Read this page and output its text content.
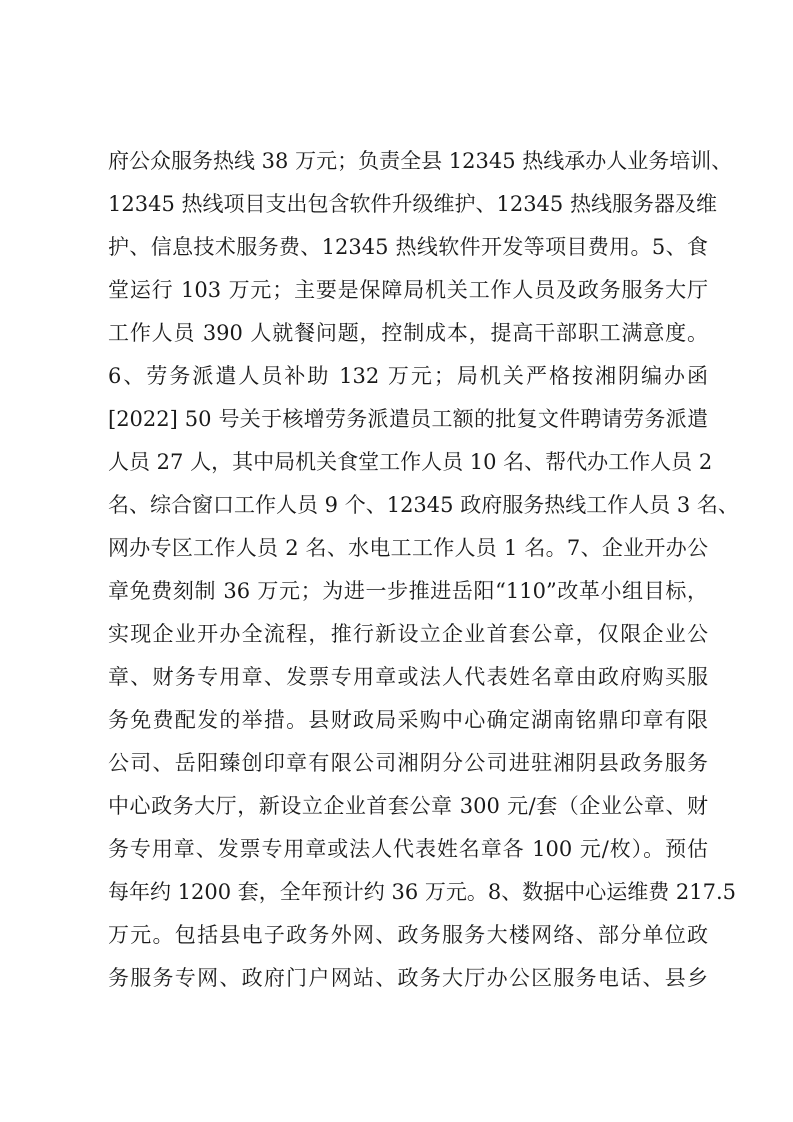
府公众服务热线 38 万元；负责全县 12345 热线承办人业务培训、
12345 热线项目支出包含软件升级维护、12345 热线服务器及维
护、信息技术服务费、12345 热线软件开发等项目费用。5、食
堂运行 103 万元；主要是保障局机关工作人员及政务服务大厅
工作人员 390 人就餐问题，控制成本，提高干部职工满意度。
6、劳务派遣人员补助 132 万元；局机关严格按湘阴编办函
[2022] 50 号关于核增劳务派遣员工额的批复文件聘请劳务派遣
人员 27 人，其中局机关食堂工作人员 10 名、帮代办工作人员 2
名、综合窗口工作人员 9 个、12345 政府服务热线工作人员 3 名、
网办专区工作人员 2 名、水电工工作人员 1 名。7、企业开办公
章免费刻制 36 万元；为进一步推进岳阳“110”改革小组目标，
实现企业开办全流程，推行新设立企业首套公章，仅限企业公
章、财务专用章、发票专用章或法人代表姓名章由政府购买服
务免费配发的举措。县财政局采购中心确定湖南铭鼎印章有限
公司、岳阳臻创印章有限公司湘阴分公司进驻湘阴县政务服务
中心政务大厅，新设立企业首套公章 300 元/套（企业公章、财
务专用章、发票专用章或法人代表姓名章各 100 元/枚）。预估
每年约 1200 套，全年预计约 36 万元。8、数据中心运维费 217.5
万元。包括县电子政务外网、政务服务大楼网络、部分单位政
务服务专网、政府门户网站、政务大厅办公区服务电话、县乡
